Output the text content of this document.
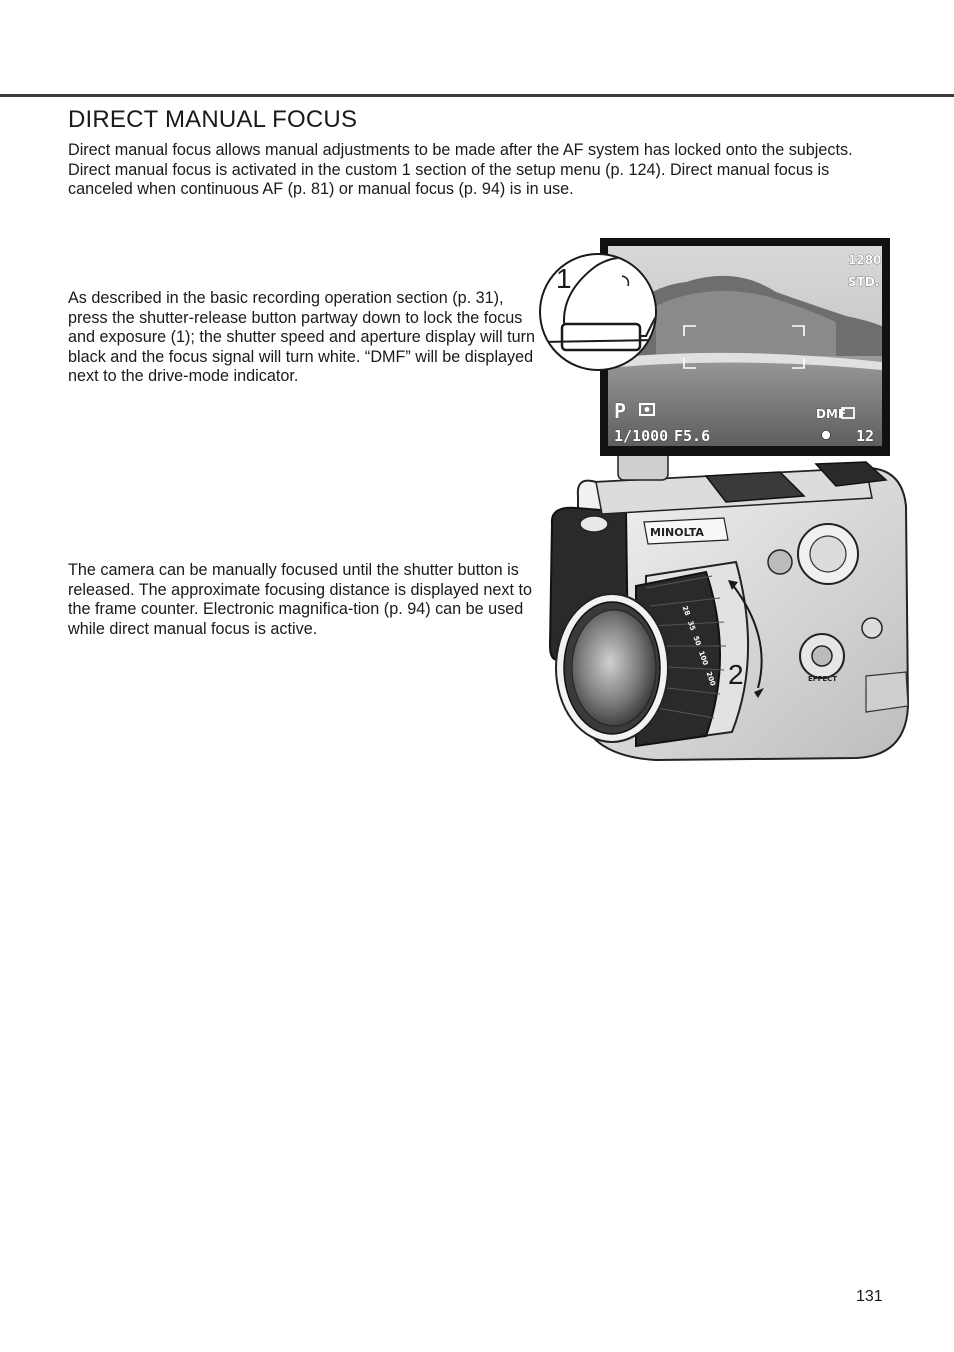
DIRECT MANUAL FOCUS

Direct manual focus allows manual adjustments to be made after the AF system has locked onto the subjects. Direct manual focus is activated in the custom 1 section of the setup menu (p. 124). Direct manual focus is canceled when continuous AF (p. 81) or manual focus (p. 94) is in use.

As described in the basic recording operation section (p. 31), press the shutter-release button partway down to lock the focus and exposure (1); the shutter speed and aperture display will turn black and the focus signal will turn white. “DMF” will be displayed next to the drive-mode indicator.

The camera can be manually focused until the shutter button is released. The approximate focusing distance is displayed next to the frame counter. Electronic magnifica-tion (p. 94) can be used while direct manual focus is active.

131
MINOLTA
EFFECT
28
35
50
100
200 2
1280
STD.
P	DMF
1/1000 F5.6	12
1
